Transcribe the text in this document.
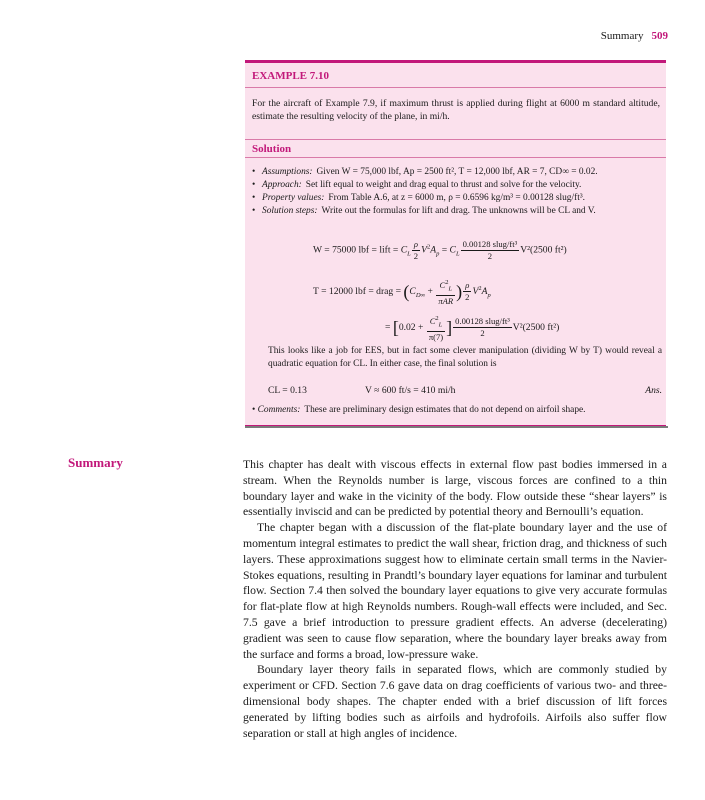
Summary 509
EXAMPLE 7.10
For the aircraft of Example 7.9, if maximum thrust is applied during flight at 6000 m standard altitude, estimate the resulting velocity of the plane, in mi/h.
Solution
• Assumptions: Given W = 75,000 lbf, Ap = 2500 ft², T = 12,000 lbf, AR = 7, CD∞ = 0.02.
• Approach: Set lift equal to weight and drag equal to thrust and solve for the velocity.
• Property values: From Table A.6, at z = 6000 m, ρ = 0.6596 kg/m³ = 0.00128 slug/ft³.
• Solution steps: Write out the formulas for lift and drag. The unknowns will be CL and V.
W = 75000 lbf = lift = $C_L \frac{\rho}{2} V^2A_p = C_L \frac{\text{0.00128 slug/ft³}}{2} V^2(2500$ ft²)
T = 12000 lbf = drag = ($C_{D\infty} + \frac{C^2_L}{\text{πAR}}$ ) $\frac{\rho}{2} V^2A_p$
= [$0.02 + \frac{C^2_L}{\pi(7)}$ ] $\frac{\text{0.00128 slug/ft³}}{2} V^2(2500$ ft²)
This looks like a job for EES, but in fact some clever manipulation (dividing W by T) would reveal a quadratic equation for CL. In either case, the final solution is
CL = 0.13	V ≈ 600 ft/s = 410 mi/h	Ans.
• Comments: These are preliminary design estimates that do not depend on airfoil shape.
Summary	This chapter has dealt with viscous effects in external flow past bodies immersed in a stream. When the Reynolds number is large, viscous forces are confined to a thin boundary layer and wake in the vicinity of the body. Flow outside these “shear layers” is essentially inviscid and can be predicted by potential theory and Bernoulli’s equation.

The chapter began with a discussion of the flat-plate boundary layer and the use of momentum integral estimates to predict the wall shear, friction drag, and thickness of such layers. These approximations suggest how to eliminate certain small terms in the Navier-Stokes equations, resulting in Prandtl’s boundary layer equations for laminar and turbulent flow. Section 7.4 then solved the boundary layer equations to give very accurate formulas for flat-plate flow at high Reynolds numbers. Rough-wall effects were included, and Sec. 7.5 gave a brief introduction to pressure gradient effects. An adverse (decelerating) gradient was seen to cause flow separation, where the boundary layer breaks away from the surface and forms a broad, low-pressure wake.

Boundary layer theory fails in separated flows, which are commonly studied by experiment or CFD. Section 7.6 gave data on drag coefficients of various two- and three-dimensional body shapes. The chapter ended with a brief discussion of lift forces generated by lifting bodies such as airfoils and hydrofoils. Airfoils also suffer flow separation or stall at high angles of incidence.
